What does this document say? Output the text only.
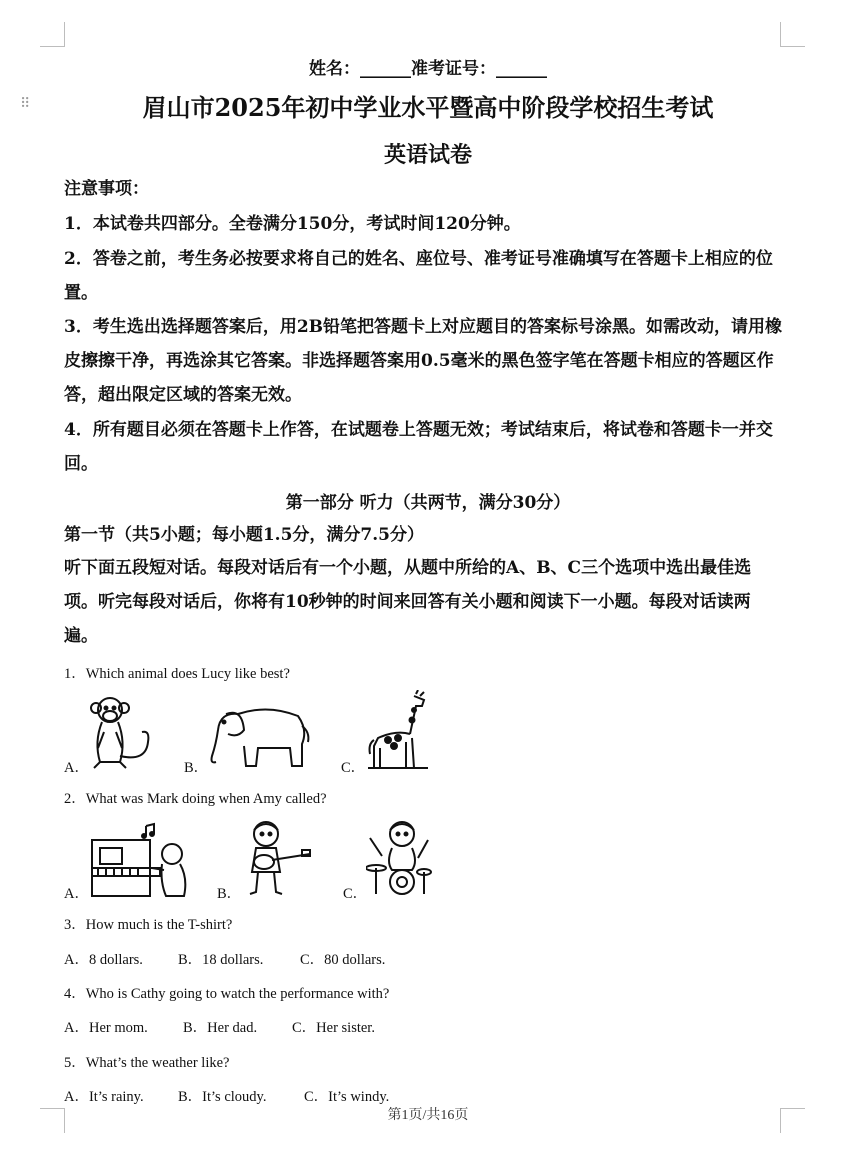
⠿
姓名：______准考证号：______
眉山市2025年初中学业水平暨高中阶段学校招生考试
英语试卷
注意事项：
1．本试卷共四部分。全卷满分150分，考试时间120分钟。
2．答卷之前，考生务必按要求将自己的姓名、座位号、准考证号准确填写在答题卡上相应的位置。
3．考生选出选择题答案后，用2B铅笔把答题卡上对应题目的答案标号涂黑。如需改动，请用橡皮擦擦干净，再选涂其它答案。非选择题答案用0.5毫米的黑色签字笔在答题卡相应的答题区作答，超出限定区域的答案无效。
4．所有题目必须在答题卡上作答，在试题卷上答题无效；考试结束后，将试卷和答题卡一并交回。
第一部分 听力（共两节，满分30分）
第一节（共5小题；每小题1.5分，满分7.5分）
听下面五段短对话。每段对话后有一个小题，从题中所给的A、B、C三个选项中选出最佳选项。听完每段对话后，你将有10秒钟的时间来回答有关小题和阅读下一小题。每段对话读两遍。
1．Which animal does Lucy like best?
A．	B．	C．
2．What was Mark doing when Amy called?
A．	B．	C．
3．How much is the T-shirt?
A．8 dollars. B．18 dollars.	C．80 dollars.
4．Who is Cathy going to watch the performance with?
A．Her mom. B．Her dad. C．Her sister.
5．What’s the weather like?
A．It’s rainy. B．It’s cloudy.	C．It’s windy.
第1页/共16页
